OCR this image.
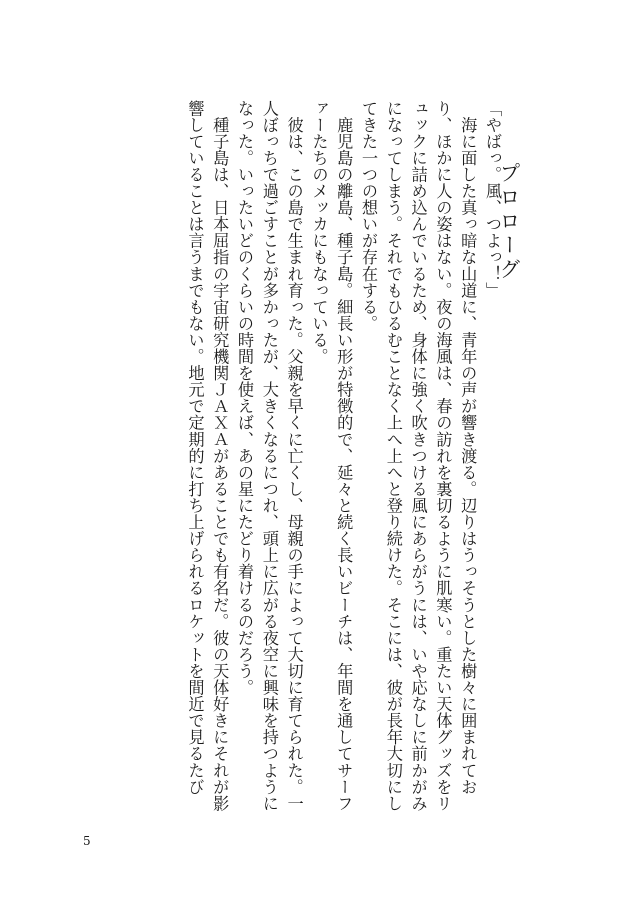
プロローグ

「やばっ。風、つよっ！」

　海に面した真っ暗な山道に、青年の声が響き渡る。辺りはうっそうとした樹々に囲まれており、ほかに人の姿はない。夜の海風は、春の訪れを裏切るように肌寒い。重たい天体グッズをリュックに詰め込んでいるため、身体に強く吹きつける風にあらがうには、いや応なしに前かがみになってしまう。それでもひるむことなく上へ上へと登り続けた。そこには、彼が長年大切にしてきた一つの想いが存在する。

　鹿児島の離島、種子島。細長い形が特徴的で、延々と続く長いビーチは、年間を通してサーファーたちのメッカにもなっている。

　彼は、この島で生まれ育った。父親を早くに亡くし、母親の手によって大切に育てられた。一人ぼっちで過ごすことが多かったが、大きくなるにつれ、頭上に広がる夜空に興味を持つようになった。いったいどのくらいの時間を使えば、あの星にたどり着けるのだろう。

　種子島は、日本屈指の宇宙研究機関ＪＡＸＡがあることでも有名だ。彼の天体好きにそれが影響していることは言うまでもない。地元で定期的に打ち上げられるロケットを間近で見るたび

5
